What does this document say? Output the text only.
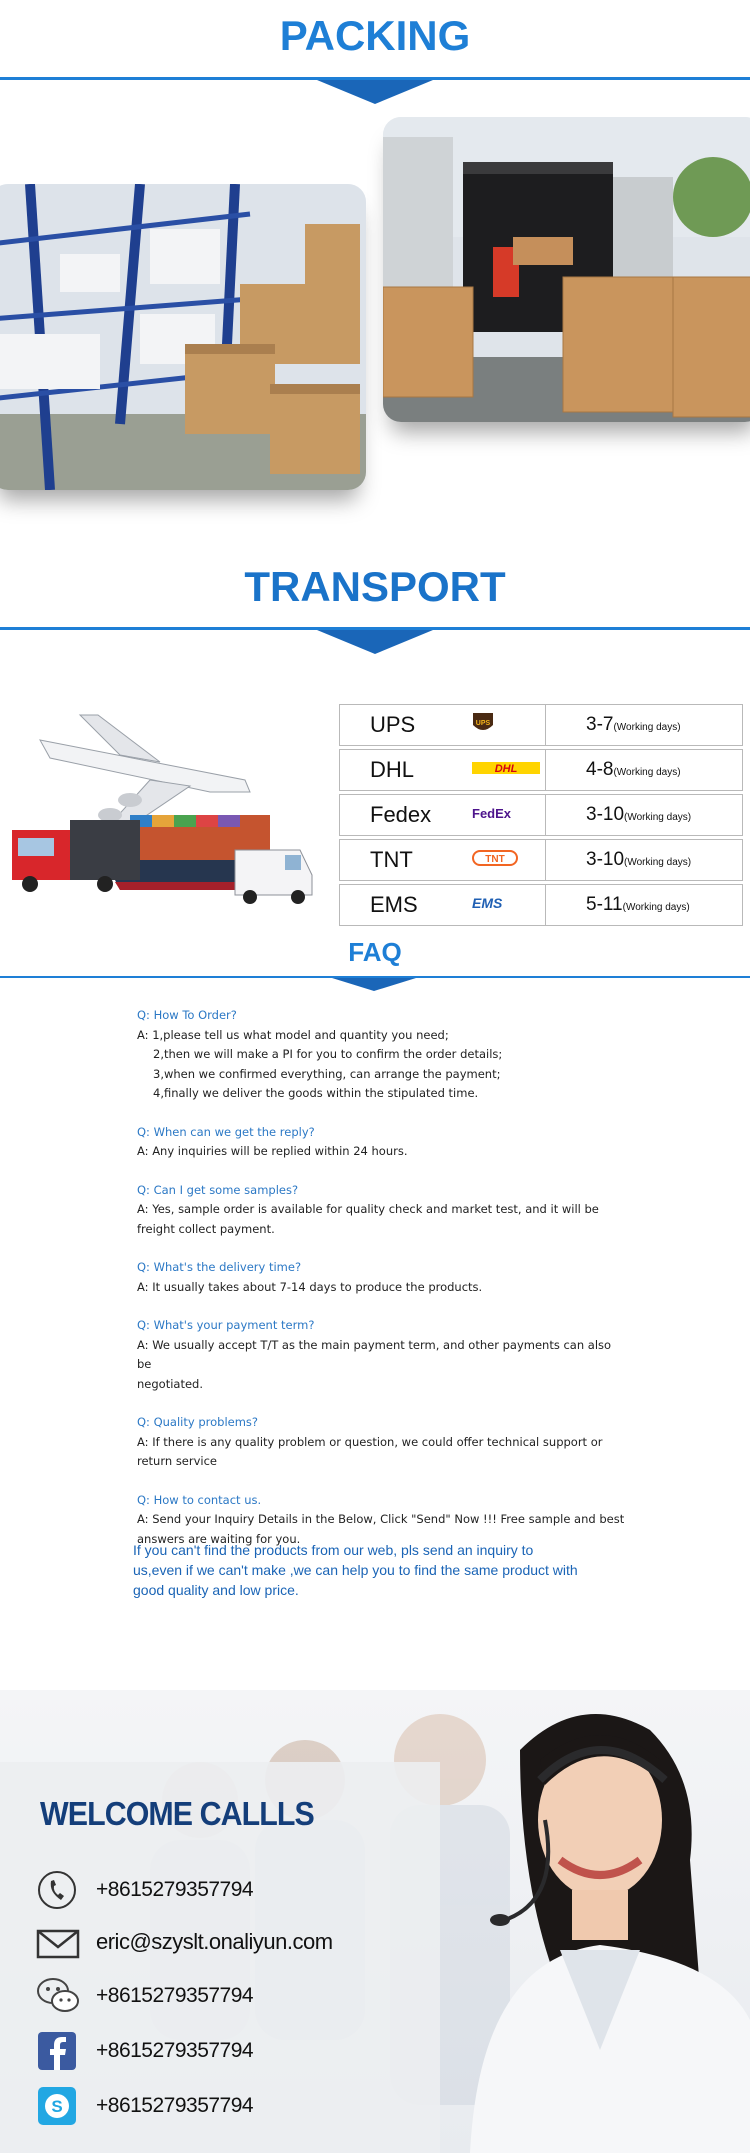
PACKING
TRANSPORT
UPS	UPS	3-7(Working days)
DHL	DHL	4-8(Working days)
Fedex	FedEx	3-10(Working days)
TNT	TNT	3-10(Working days)
EMS	EMS	5-11(Working days)
FAQ
Q: How To Order?
A: 1,please tell us what model and quantity you need;
2,then we will make a PI for you to confirm the order details;
3,when we confirmed everything, can arrange the payment;
4,finally we deliver the goods within the stipulated time.
Q: When can we get the reply?
A: Any inquiries will be replied within 24 hours.
Q: Can I get some samples?
A: Yes, sample order is available for quality check and market test, and it will be
freight collect payment.
Q: What's the delivery time?
A: It usually takes about 7-14 days to produce the products.
Q: What's your payment term?
A: We usually accept T/T as the main payment term, and other payments can also be
negotiated.
Q: Quality problems?
A: If there is any quality problem or question, we could offer technical support or
return service
Q: How to contact us.
A: Send your Inquiry Details in the Below, Click "Send" Now !!! Free sample and best
answers are waiting for you.
If you can't find the products from our web, pls send an inquiry to
us,even if we can't make ,we can help you to find the same product with
good quality and low price.
WELCOME CALLLS
+8615279357794
eric@szyslt.onaliyun.com
+8615279357794
+8615279357794
S +8615279357794
